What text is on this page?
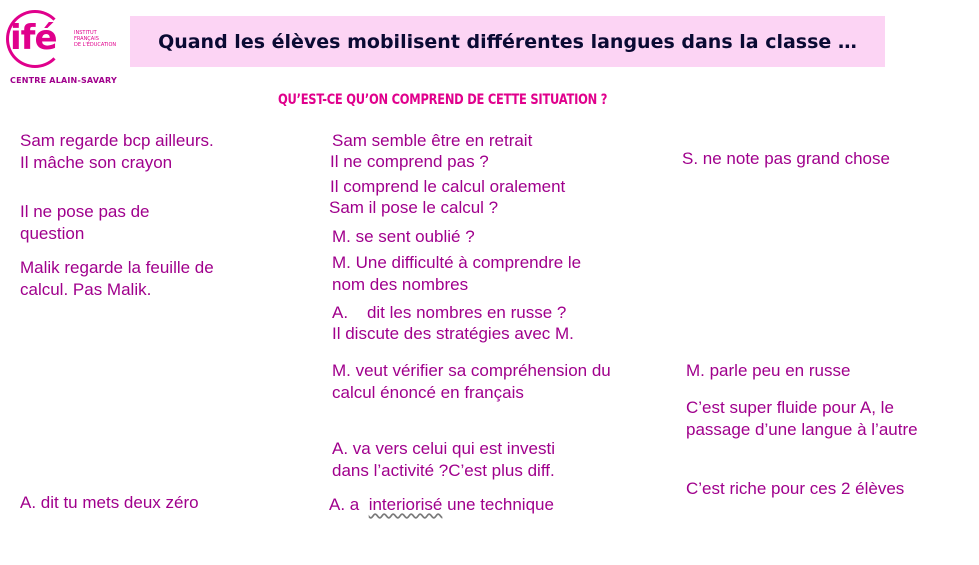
ifé	INSTITUT
FRANÇAIS
DE L'ÉDUCATION
CENTRE ALAIN-SAVARY
Quand les élèves mobilisent différentes langues dans la classe …
QU’EST-CE QU’ON COMPREND DE CETTE SITUATION ?

Sam regarde bcp ailleurs. Il mâche son crayon

Il ne pose pas de question

Malik regarde la feuille de calcul. Pas Malik.

A. dit tu mets deux zéro

Sam semble être en retrait

Il ne comprend pas ?

Il comprend le calcul oralement

Sam il pose le calcul ?

M. se sent oublié ?

M. Une difficulté à comprendre le nom des nombres

A.    dit les nombres en russe ?

Il discute des stratégies avec M.

M. veut vérifier sa compréhension du calcul énoncé en français

A. va vers celui qui est investi dans l’activité ?C’est plus diff.

A. a  interiorisé une technique

S. ne note pas grand chose

M. parle peu en russe

C’est super fluide pour A, le passage d’une langue à l’autre

C’est riche pour ces 2 élèves
